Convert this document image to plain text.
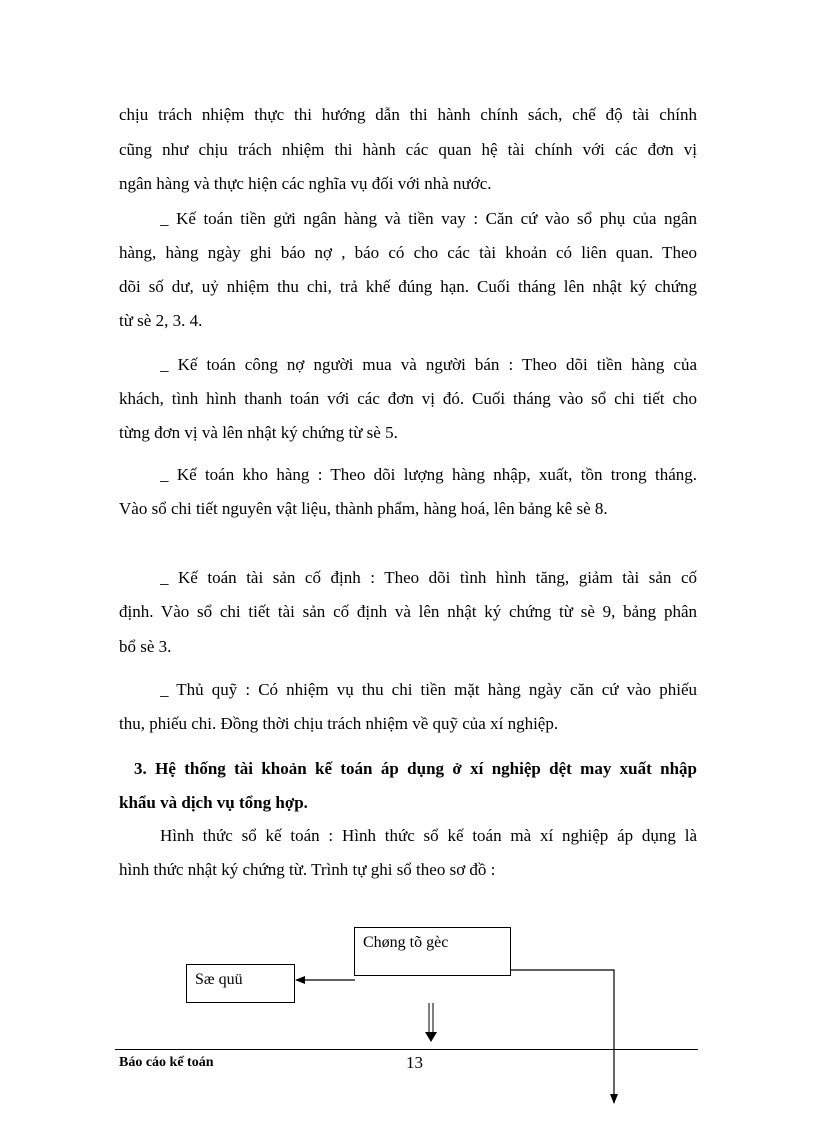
chịu trách nhiệm thực thi hướng dẫn thi hành chính sách, chế độ tài chính
cũng như chịu trách nhiệm thi hành các quan hệ tài chính với các đơn vị
ngân hàng và thực hiện các nghĩa vụ đối với nhà nước.
_ Kế toán tiền gửi ngân hàng và tiền vay : Căn cứ vào sổ phụ của ngân
hàng, hàng ngày ghi báo nợ , báo có cho các tài khoản có liên quan. Theo
dõi số dư, uỷ nhiệm thu chi, trả khế đúng hạn. Cuối tháng lên nhật ký chứng
từ sè 2, 3. 4.
_ Kế toán công nợ người mua và người bán : Theo dõi tiền hàng của
khách, tình hình thanh toán với các đơn vị đó. Cuối tháng vào sổ chi tiết cho
từng đơn vị và lên nhật ký chứng từ sè 5.
_ Kế toán kho hàng : Theo dõi lượng hàng nhập, xuất, tồn trong tháng.
Vào sổ chi tiết nguyên vật liệu, thành phẩm, hàng hoá, lên bảng kê sè 8.
_ Kế toán tài sản cố định : Theo dõi tình hình tăng, giảm tài sản cố
định. Vào sổ chi tiết tài sản cố định và lên nhật ký chứng từ sè 9, bảng phân
bổ sè 3.
_ Thủ quỹ : Có nhiệm vụ thu chi tiền mặt hàng ngày căn cứ vào phiếu
thu, phiếu chi. Đồng thời chịu trách nhiệm về quỹ của xí nghiệp.
3. Hệ thống tài khoản kế toán áp dụng ở xí nghiệp dệt may xuất nhập
khẩu và dịch vụ tổng hợp.
Hình thức sổ kế toán : Hình thức sổ kế toán mà xí nghiệp áp dụng là
hình thức nhật ký chứng từ. Trình tự ghi sổ theo sơ đồ :
Chøng tõ gèc
Sæ quü
Báo cáo kế toán	13
